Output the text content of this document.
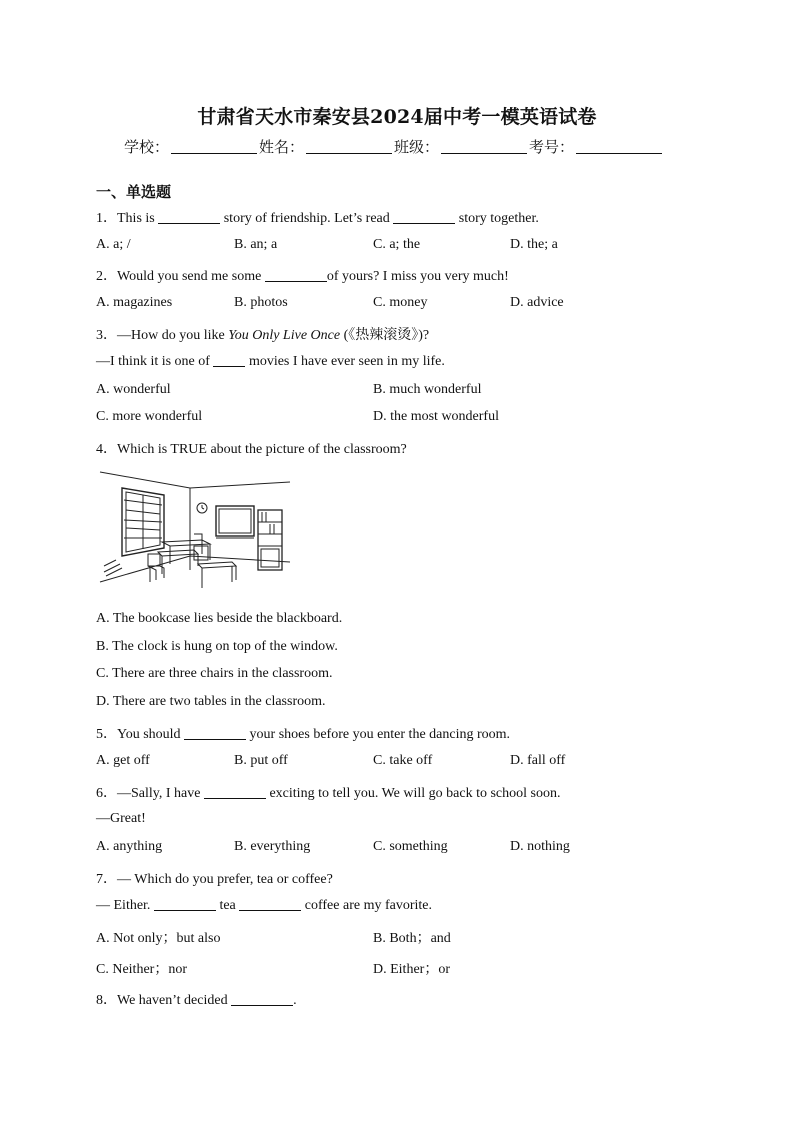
甘肃省天水市秦安县2024届中考一模英语试卷
学校：	姓名：	班级：	考号：
一、单选题
1．This is	story of friendship. Let’s read	story together.
A. a; /	B. an; a	C. a; the	D. the; a
2．Would you send me some	of yours? I miss you very much!
A. magazines	B. photos	C. money	D. advice
3．—How do you like You Only Live Once (《热辣滚烫》)?
—I think it is one of	movies I have ever seen in my life.
A. wonderful	B. much wonderful
C. more wonderful	D. the most wonderful
4．Which is TRUE about the picture of the classroom?
A. The bookcase lies beside the blackboard.
B. The clock is hung on top of the window.
C. There are three chairs in the classroom.
D. There are two tables in the classroom.
5．You should	your shoes before you enter the dancing room.
A. get off	B. put off	C. take off	D. fall off
6．—Sally, I have	exciting to tell you. We will go back to school soon.
—Great!
A. anything	B. everything	C. something	D. nothing
7．— Which do you prefer, tea or coffee?
— Either.	tea	coffee are my favorite.
A. Not only；but also	B. Both；and
C. Neither；nor	D. Either；or
8．We haven’t decided	.
